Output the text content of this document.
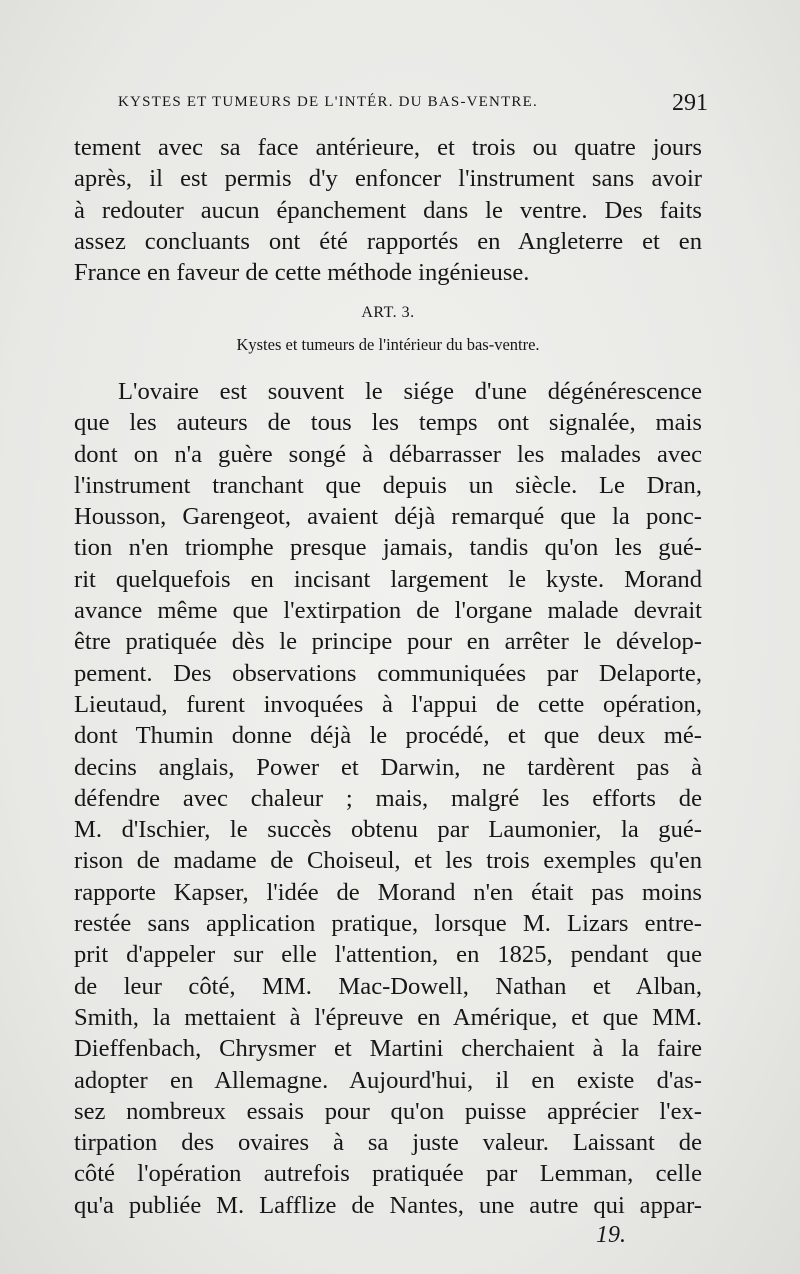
KYSTES ET TUMEURS DE L'INTÉR. DU BAS-VENTRE.	291
tement avec sa face antérieure, et trois ou quatre jours
après, il est permis d'y enfoncer l'instrument sans avoir
à redouter aucun épanchement dans le ventre. Des faits
assez concluants ont été rapportés en Angleterre et en
France en faveur de cette méthode ingénieuse.
ART. 3.
Kystes et tumeurs de l'intérieur du bas-ventre.
L'ovaire est souvent le siége d'une dégénérescence
que les auteurs de tous les temps ont signalée, mais
dont on n'a guère songé à débarrasser les malades avec
l'instrument tranchant que depuis un siècle. Le Dran,
Housson, Garengeot, avaient déjà remarqué que la ponc-
tion n'en triomphe presque jamais, tandis qu'on les gué-
rit quelquefois en incisant largement le kyste. Morand
avance même que l'extirpation de l'organe malade devrait
être pratiquée dès le principe pour en arrêter le dévelop-
pement. Des observations communiquées par Delaporte,
Lieutaud, furent invoquées à l'appui de cette opération,
dont Thumin donne déjà le procédé, et que deux mé-
decins anglais, Power et Darwin, ne tardèrent pas à
défendre avec chaleur ; mais, malgré les efforts de
M. d'Ischier, le succès obtenu par Laumonier, la gué-
rison de madame de Choiseul, et les trois exemples qu'en
rapporte Kapser, l'idée de Morand n'en était pas moins
restée sans application pratique, lorsque M. Lizars entre-
prit d'appeler sur elle l'attention, en 1825, pendant que
de leur côté, MM. Mac-Dowell, Nathan et Alban,
Smith, la mettaient à l'épreuve en Amérique, et que MM.
Dieffenbach, Chrysmer et Martini cherchaient à la faire
adopter en Allemagne. Aujourd'hui, il en existe d'as-
sez nombreux essais pour qu'on puisse apprécier l'ex-
tirpation des ovaires à sa juste valeur. Laissant de
côté l'opération autrefois pratiquée par Lemman, celle
qu'a publiée M. Lafflize de Nantes, une autre qui appar-
19.
